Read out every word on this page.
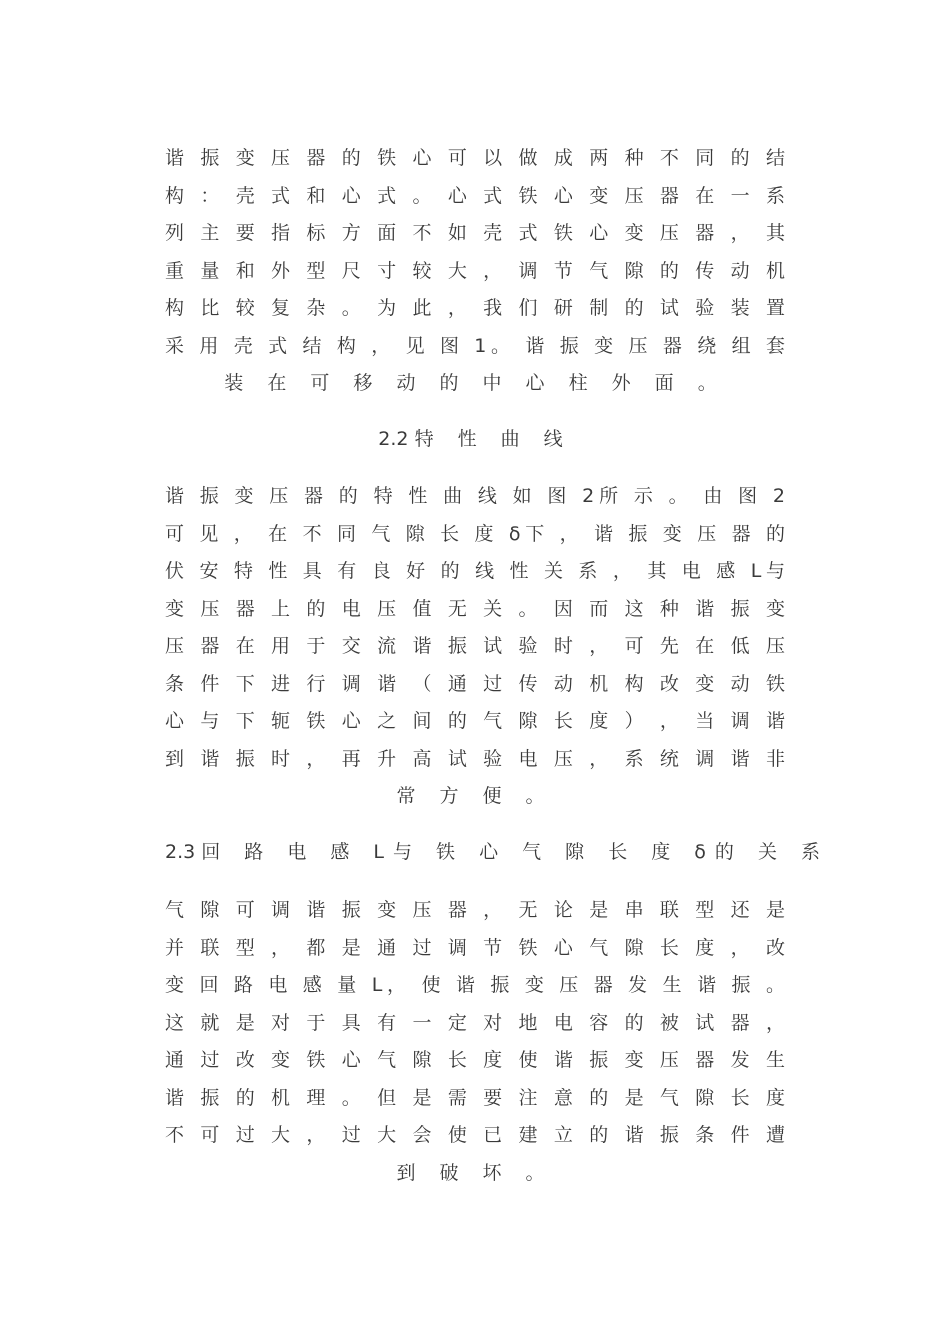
谐 振 变 压 器 的 铁 心 可 以 做 成 两 种 不 同 的 结
构 ： 壳 式 和 心 式 。 心 式 铁 心 变 压 器 在 一 系
列 主 要 指 标 方 面 不 如 壳 式 铁 心 变 压 器 ， 其
重 量 和 外 型 尺 寸 较 大 ， 调 节 气 隙 的 传 动 机
构 比 较 复 杂 。 为 此 ， 我 们 研 制 的 试 验 装 置
采 用 壳 式 结 构 ， 见 图 1。 谐 振 变 压 器 绕 组 套
装 在 可 移 动 的 中 心 柱 外 面 。
2.2 特 性 曲 线
谐 振 变 压 器 的 特 性 曲 线 如 图 2所 示 。 由 图 2
可 见 ， 在 不 同 气 隙 长 度 δ下 ， 谐 振 变 压 器 的
伏 安 特 性 具 有 良 好 的 线 性 关 系 ， 其 电 感 L与
变 压 器 上 的 电 压 值 无 关 。 因 而 这 种 谐 振 变
压 器 在 用 于 交 流 谐 振 试 验 时 ， 可 先 在 低 压
条 件 下 进 行 调 谐 （ 通 过 传 动 机 构 改 变 动 铁
心 与 下 轭 铁 心 之 间 的 气 隙 长 度 ） ， 当 调 谐
到 谐 振 时 ， 再 升 高 试 验 电 压 ， 系 统 调 谐 非
常 方 便 。
2.3 回 路 电 感 L与 铁 心 气 隙 长 度 δ的 关 系
气 隙 可 调 谐 振 变 压 器 ， 无 论 是 串 联 型 还 是
并 联 型 ， 都 是 通 过 调 节 铁 心 气 隙 长 度 ， 改
变 回 路 电 感 量 L， 使 谐 振 变 压 器 发 生 谐 振 。
这 就 是 对 于 具 有 一 定 对 地 电 容 的 被 试 器 ，
通 过 改 变 铁 心 气 隙 长 度 使 谐 振 变 压 器 发 生
谐 振 的 机 理 。 但 是 需 要 注 意 的 是 气 隙 长 度
不 可 过 大 ， 过 大 会 使 已 建 立 的 谐 振 条 件 遭
到 破 坏 。
